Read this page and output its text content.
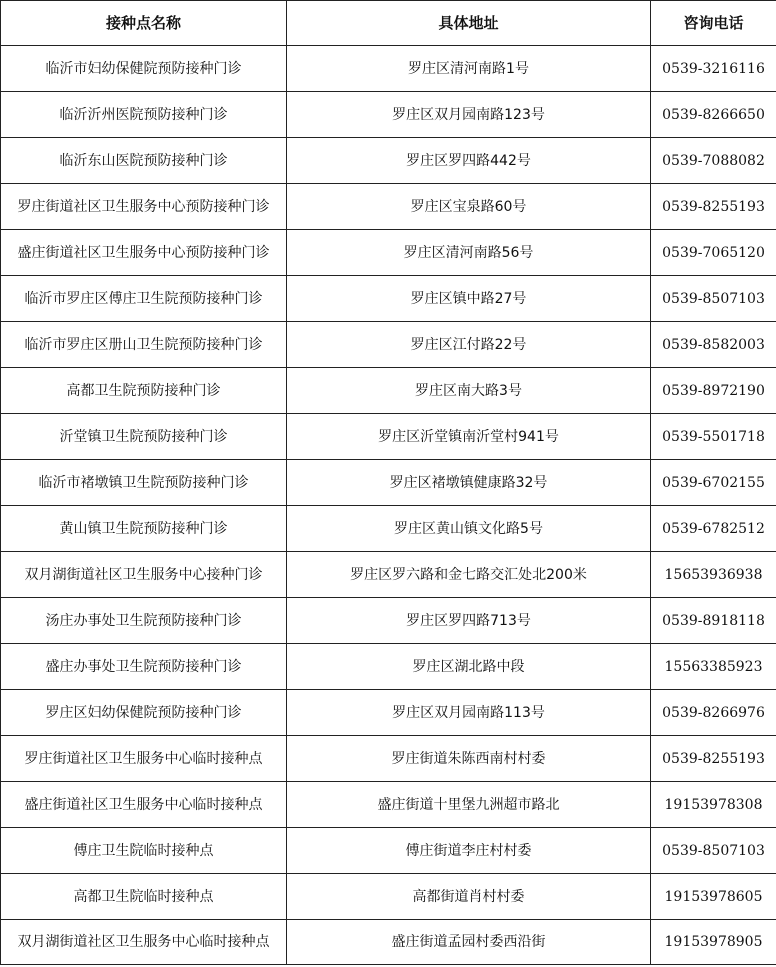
接种点名称	具体地址	咨询电话
临沂市妇幼保健院预防接种门诊	罗庄区清河南路1号	0539-3216116
临沂沂州医院预防接种门诊	罗庄区双月园南路123号	0539-8266650
临沂东山医院预防接种门诊	罗庄区罗四路442号	0539-7088082
罗庄街道社区卫生服务中心预防接种门诊	罗庄区宝泉路60号	0539-8255193
盛庄街道社区卫生服务中心预防接种门诊	罗庄区清河南路56号	0539-7065120
临沂市罗庄区傅庄卫生院预防接种门诊	罗庄区镇中路27号	0539-8507103
临沂市罗庄区册山卫生院预防接种门诊	罗庄区江付路22号	0539-8582003
高都卫生院预防接种门诊	罗庄区南大路3号	0539-8972190
沂堂镇卫生院预防接种门诊	罗庄区沂堂镇南沂堂村941号	0539-5501718
临沂市褚墩镇卫生院预防接种门诊	罗庄区褚墩镇健康路32号	0539-6702155
黄山镇卫生院预防接种门诊	罗庄区黄山镇文化路5号	0539-6782512
双月湖街道社区卫生服务中心接种门诊	罗庄区罗六路和金七路交汇处北200米	15653936938
汤庄办事处卫生院预防接种门诊	罗庄区罗四路713号	0539-8918118
盛庄办事处卫生院预防接种门诊	罗庄区湖北路中段	15563385923
罗庄区妇幼保健院预防接种门诊	罗庄区双月园南路113号	0539-8266976
罗庄街道社区卫生服务中心临时接种点	罗庄街道朱陈西南村村委	0539-8255193
盛庄街道社区卫生服务中心临时接种点	盛庄街道十里堡九洲超市路北	19153978308
傅庄卫生院临时接种点	傅庄街道李庄村村委	0539-8507103
高都卫生院临时接种点	高都街道肖村村委	19153978605
双月湖街道社区卫生服务中心临时接种点	盛庄街道孟园村委西沿街	19153978905
